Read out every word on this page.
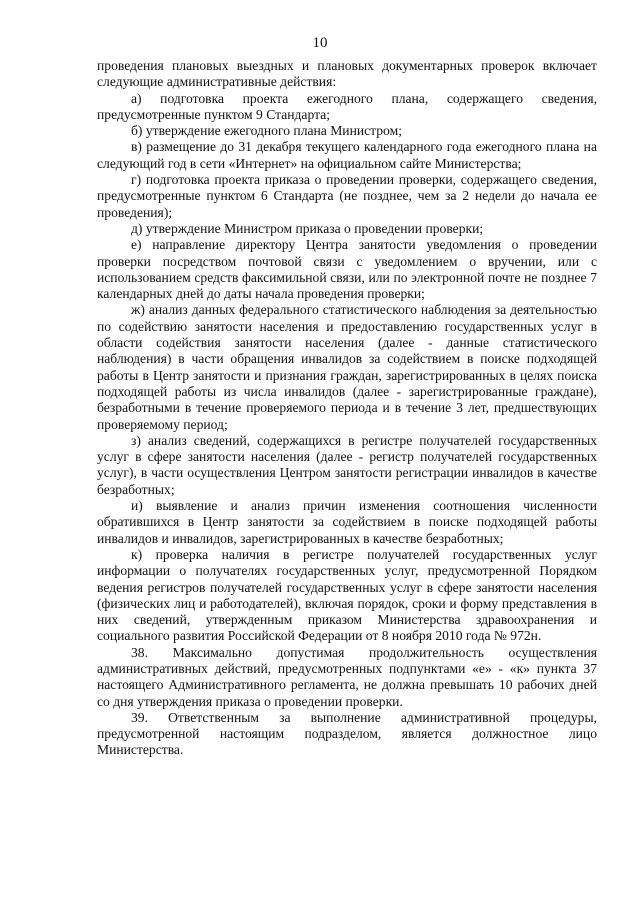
10

проведения плановых выездных и плановых документарных проверок включает следующие административные действия:

а) подготовка проекта ежегодного плана, содержащего сведения, предусмотренные пунктом 9 Стандарта;

б) утверждение ежегодного плана Министром;

в) размещение до 31 декабря текущего календарного года ежегодного плана на следующий год в сети «Интернет» на официальном сайте Министерства;

г) подготовка проекта приказа о проведении проверки, содержащего сведения, предусмотренные пунктом 6 Стандарта (не позднее, чем за 2 недели до начала ее проведения);

д) утверждение Министром приказа о проведении проверки;

е) направление директору Центра занятости уведомления о проведении проверки посредством почтовой связи с уведомлением о вручении, или с использованием средств факсимильной связи, или по электронной почте не позднее 7 календарных дней до даты начала проведения проверки;

ж) анализ данных федерального статистического наблюдения за деятельностью по содействию занятости населения и предоставлению государственных услуг в области содействия занятости населения (далее - данные статистического наблюдения) в части обращения инвалидов за содействием в поиске подходящей работы в Центр занятости и признания граждан, зарегистрированных в целях поиска подходящей работы из числа инвалидов (далее - зарегистрированные граждане), безработными в течение проверяемого периода и в течение 3 лет, предшествующих проверяемому период;

з) анализ сведений, содержащихся в регистре получателей государственных услуг в сфере занятости населения (далее - регистр получателей государственных услуг), в части осуществления Центром занятости регистрации инвалидов в качестве безработных;

и) выявление и анализ причин изменения соотношения численности обратившихся в Центр занятости за содействием в поиске подходящей работы инвалидов и инвалидов, зарегистрированных в качестве безработных;

к) проверка наличия в регистре получателей государственных услуг информации о получателях государственных услуг, предусмотренной Порядком ведения регистров получателей государственных услуг в сфере занятости населения (физических лиц и работодателей), включая порядок, сроки и форму представления в них сведений, утвержденным приказом Министерства здравоохранения и социального развития Российской Федерации от 8 ноября 2010 года № 972н.

38. Максимально допустимая продолжительность осуществления административных действий, предусмотренных подпунктами «е» - «к» пункта 37 настоящего Административного регламента, не должна превышать 10 рабочих дней со дня утверждения приказа о проведении проверки.

39. Ответственным за выполнение административной процедуры, предусмотренной настоящим подразделом, является должностное лицо Министерства.
